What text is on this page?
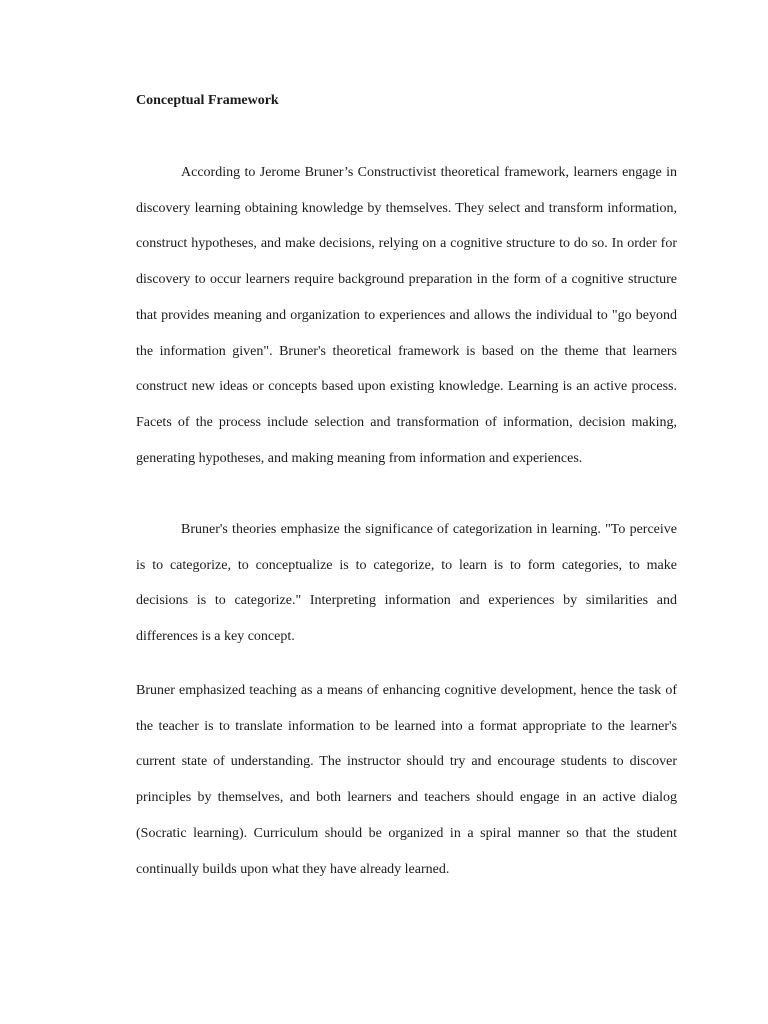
Conceptual Framework

According to Jerome Bruner’s Constructivist theoretical framework, learners engage in discovery learning obtaining knowledge by themselves. They select and transform information, construct hypotheses, and make decisions, relying on a cognitive structure to do so. In order for discovery to occur learners require background preparation in the form of a cognitive structure that provides meaning and organization to experiences and allows the individual to "go beyond the information given". Bruner's theoretical framework is based on the theme that learners construct new ideas or concepts based upon existing knowledge. Learning is an active process. Facets of the process include selection and transformation of information, decision making, generating hypotheses, and making meaning from information and experiences.

Bruner's theories emphasize the significance of categorization in learning. "To perceive is to categorize, to conceptualize is to categorize, to learn is to form categories, to make decisions is to categorize." Interpreting information and experiences by similarities and differences is a key concept.

Bruner emphasized teaching as a means of enhancing cognitive development, hence the task of the teacher is to translate information to be learned into a format appropriate to the learner's current state of understanding. The instructor should try and encourage students to discover principles by themselves, and both learners and teachers should engage in an active dialog (Socratic learning). Curriculum should be organized in a spiral manner so that the student continually builds upon what they have already learned.
